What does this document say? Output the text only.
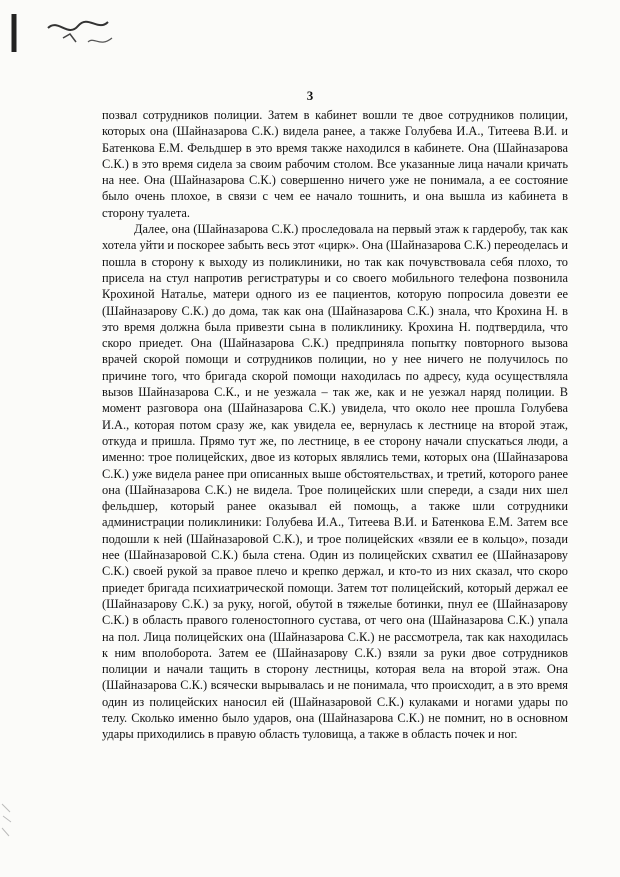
3

позвал сотрудников полиции. Затем в кабинет вошли те двое сотрудников полиции, которых она (Шайназарова С.К.) видела ранее, а также Голубева И.А., Титеева В.И. и Батенкова Е.М. Фельдшер в это время также находился в кабинете. Она (Шайназарова С.К.) в это время сидела за своим рабочим столом. Все указанные лица начали кричать на нее. Она (Шайназарова С.К.) совершенно ничего уже не понимала, а ее состояние было очень плохое, в связи с чем ее начало тошнить, и она вышла из кабинета в сторону туалета.

Далее, она (Шайназарова С.К.) проследовала на первый этаж к гардеробу, так как хотела уйти и поскорее забыть весь этот «цирк». Она (Шайназарова С.К.) переоделась и пошла в сторону к выходу из поликлиники, но так как почувствовала себя плохо, то присела на стул напротив регистратуры и со своего мобильного телефона позвонила Крохиной Наталье, матери одного из ее пациентов, которую попросила довезти ее (Шайназарову С.К.) до дома, так как она (Шайназарова С.К.) знала, что Крохина Н. в это время должна была привезти сына в поликлинику. Крохина Н. подтвердила, что скоро приедет. Она (Шайназарова С.К.) предприняла попытку повторного вызова врачей скорой помощи и сотрудников полиции, но у нее ничего не получилось по причине того, что бригада скорой помощи находилась по адресу, куда осуществляла вызов Шайназарова С.К., и не уезжала – так же, как и не уезжал наряд полиции. В момент разговора она (Шайназарова С.К.) увидела, что около нее прошла Голубева И.А., которая потом сразу же, как увидела ее, вернулась к лестнице на второй этаж, откуда и пришла. Прямо тут же, по лестнице, в ее сторону начали спускаться люди, а именно: трое полицейских, двое из которых являлись теми, которых она (Шайназарова С.К.) уже видела ранее при описанных выше обстоятельствах, и третий, которого ранее она (Шайназарова С.К.) не видела. Трое полицейских шли спереди, а сзади них шел фельдшер, который ранее оказывал ей помощь, а также шли сотрудники администрации поликлиники: Голубева И.А., Титеева В.И. и Батенкова Е.М. Затем все подошли к ней (Шайназаровой С.К.), и трое полицейских «взяли ее в кольцо», позади нее (Шайназаровой С.К.) была стена. Один из полицейских схватил ее (Шайназарову С.К.) своей рукой за правое плечо и крепко держал, и кто-то из них сказал, что скоро приедет бригада психиатрической помощи. Затем тот полицейский, который держал ее (Шайназарову С.К.) за руку, ногой, обутой в тяжелые ботинки, пнул ее (Шайназарову С.К.) в область правого голеностопного сустава, от чего она (Шайназарова С.К.) упала на пол. Лица полицейских она (Шайназарова С.К.) не рассмотрела, так как находилась к ним вполоборота. Затем ее (Шайназарову С.К.) взяли за руки двое сотрудников полиции и начали тащить в сторону лестницы, которая вела на второй этаж. Она (Шайназарова С.К.) всячески вырывалась и не понимала, что происходит, а в это время один из полицейских наносил ей (Шайназаровой С.К.) кулаками и ногами удары по телу. Сколько именно было ударов, она (Шайназарова С.К.) не помнит, но в основном удары приходились в правую область туловища, а также в область почек и ног.
